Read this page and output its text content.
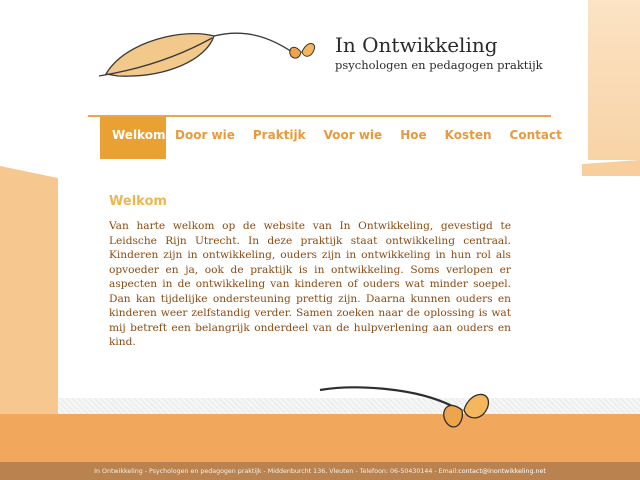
In Ontwikkeling
psychologen en pedagogen praktijk
Welkom Door wie	Praktijk	Voor wie	Hoe	Kosten	Contact
Welkom

Van harte welkom op de website van In Ontwikkeling, gevestigd te Leidsche Rijn Utrecht. In deze praktijk staat ontwikkeling centraal. Kinderen zijn in ontwikkeling, ouders zijn in ontwikkeling in hun rol als opvoeder en ja, ook de praktijk is in ontwikkeling. Soms verlopen er aspecten in de ontwikkeling van kinderen of ouders wat minder soepel. Dan kan tijdelijke ondersteuning prettig zijn. Daarna kunnen ouders en kinderen weer zelfstandig verder. Samen zoeken naar de oplossing is wat mij betreft een belangrijk onderdeel van de hulpverlening aan ouders en kind.

In Ontwikkeling - Psychologen en pedagogen praktijk - Middenburcht 136, Vleuten - Telefoon: 06-50430144 - Email: contact@inontwikkeling.net
